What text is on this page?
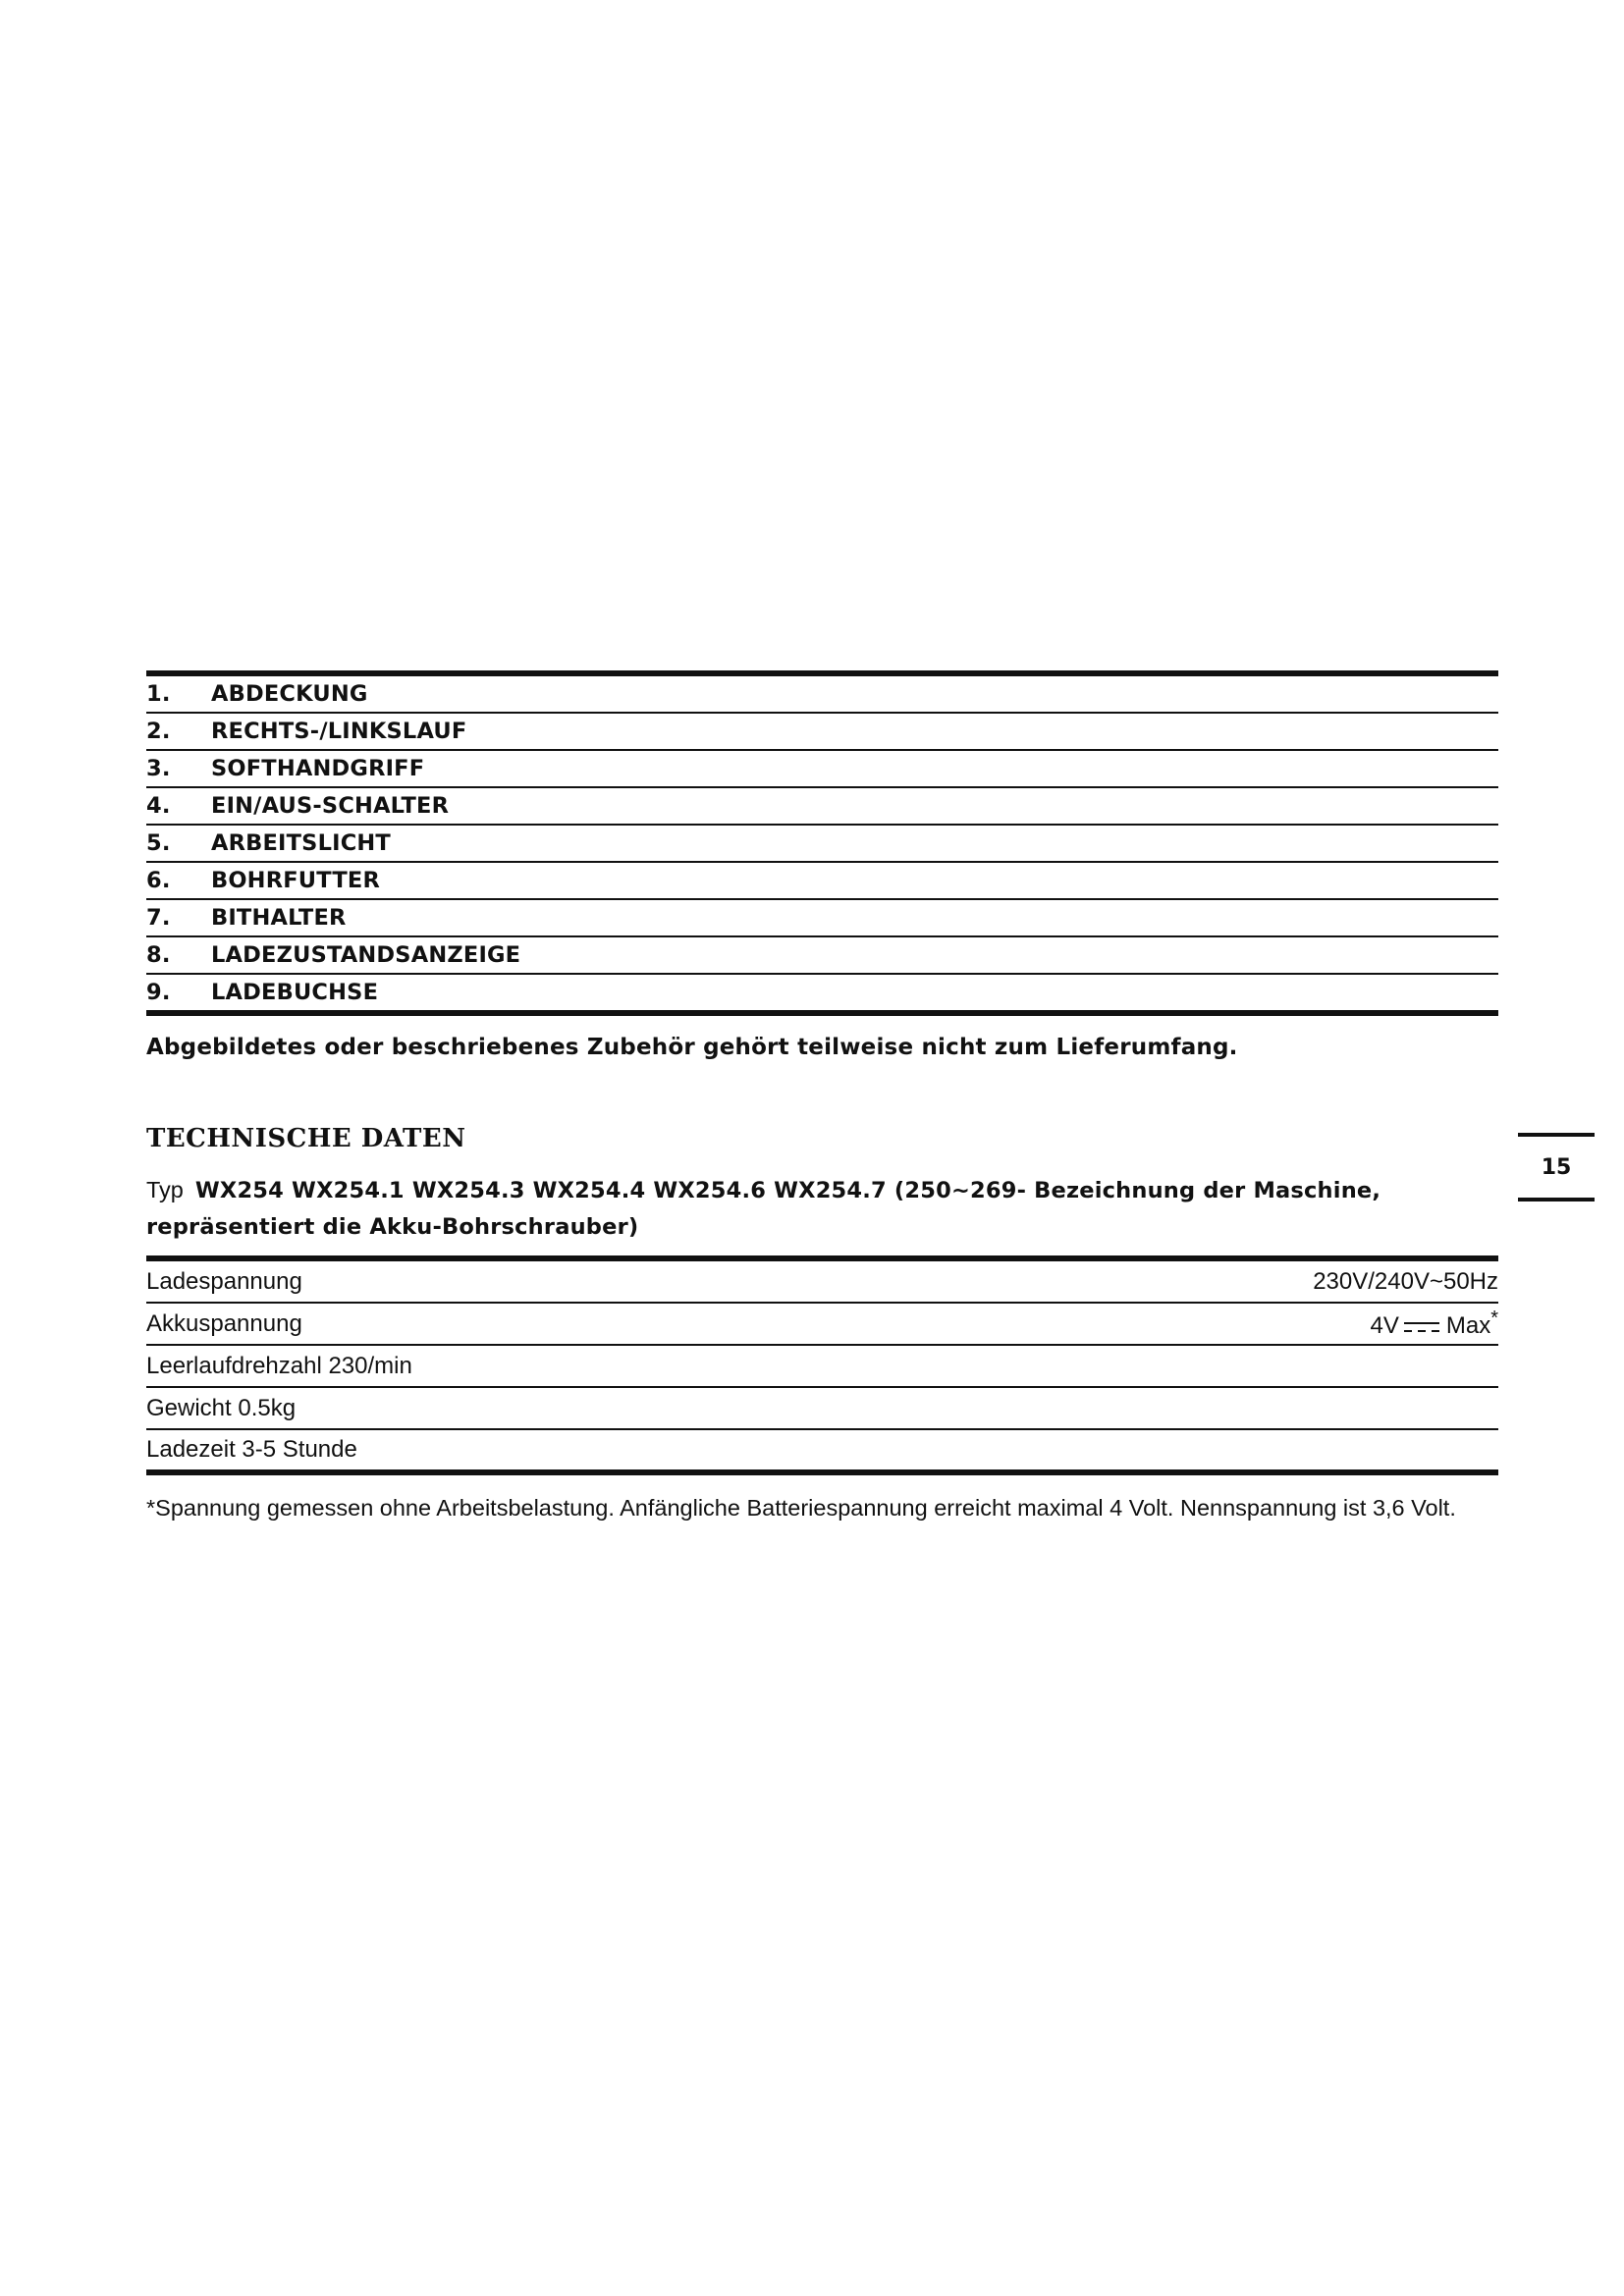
1.	ABDECKUNG
2.	RECHTS-/LINKSLAUF
3.	SOFTHANDGRIFF
4.	EIN/AUS-SCHALTER
5.	ARBEITSLICHT
6.	BOHRFUTTER
7.	BITHALTER
8.	LADEZUSTANDSANZEIGE
9.	LADEBUCHSE
Abgebildetes oder beschriebenes Zubehör gehört teilweise nicht zum Lieferumfang.
TECHNISCHE DATEN
Typ WX254 WX254.1 WX254.3 WX254.4 WX254.6 WX254.7 (250~269- Bezeichnung der Maschine, repräsentiert die Akku-Bohrschrauber)
Ladespannung	230V/240V~50Hz
Akkuspannung	4V Max*
Leerlaufdrehzahl 230/min
Gewicht 0.5kg
Ladezeit 3-5 Stunde
*Spannung gemessen ohne Arbeitsbelastung. Anfängliche Batteriespannung erreicht maximal 4 Volt. Nennspannung ist 3,6 Volt.
15
